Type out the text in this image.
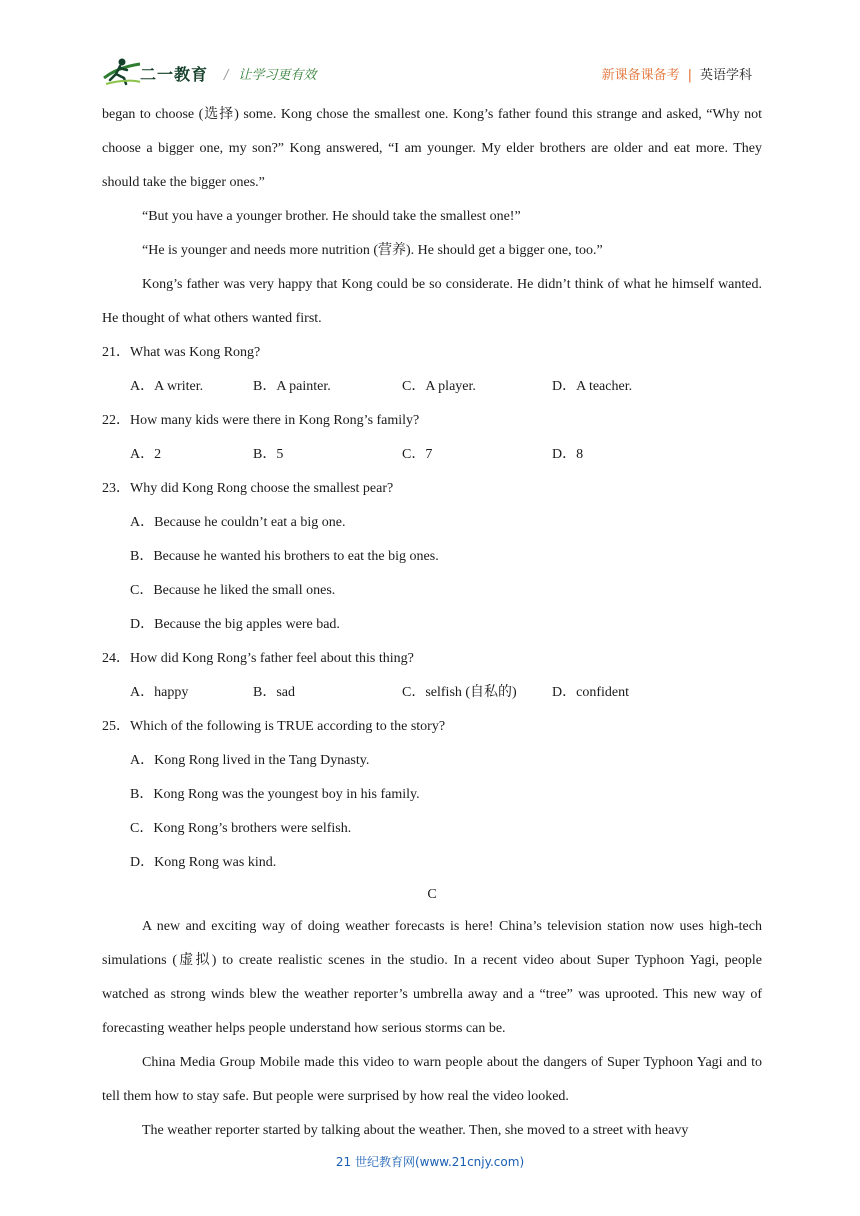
二一教育 / 让学习更有效	新课备课备考 | 英语学科

began to choose (选择) some. Kong chose the smallest one. Kong’s father found this strange and asked, “Why not choose a bigger one, my son?” Kong answered, “I am younger. My elder brothers are older and eat more. They should take the bigger ones.”

“But you have a younger brother. He should take the smallest one!”

“He is younger and needs more nutrition (营养). He should get a bigger one, too.”

Kong’s father was very happy that Kong could be so considerate. He didn’t think of what he himself wanted. He thought of what others wanted first.

21．What was Kong Rong?

A．A writer.	B．A painter.	C．A player.	D．A teacher.

22．How many kids were there in Kong Rong’s family?

A．2	B．5	C．7	D．8

23．Why did Kong Rong choose the smallest pear?

A．Because he couldn’t eat a big one.

B．Because he wanted his brothers to eat the big ones.

C．Because he liked the small ones.

D．Because the big apples were bad.

24．How did Kong Rong’s father feel about this thing?

A．happy	B．sad	C．selfish (自私的)	D．confident

25．Which of the following is TRUE according to the story?

A．Kong Rong lived in the Tang Dynasty.

B．Kong Rong was the youngest boy in his family.

C．Kong Rong’s brothers were selfish.

D．Kong Rong was kind.

C

A new and exciting way of doing weather forecasts is here! China’s television station now uses high-tech simulations (虚拟) to create realistic scenes in the studio. In a recent video about Super Typhoon Yagi, people watched as strong winds blew the weather reporter’s umbrella away and a “tree” was uprooted. This new way of forecasting weather helps people understand how serious storms can be.

China Media Group Mobile made this video to warn people about the dangers of Super Typhoon Yagi and to tell them how to stay safe. But people were surprised by how real the video looked.

The weather reporter started by talking about the weather. Then, she moved to a street with heavy

21 世纪教育网(www.21cnjy.com)
